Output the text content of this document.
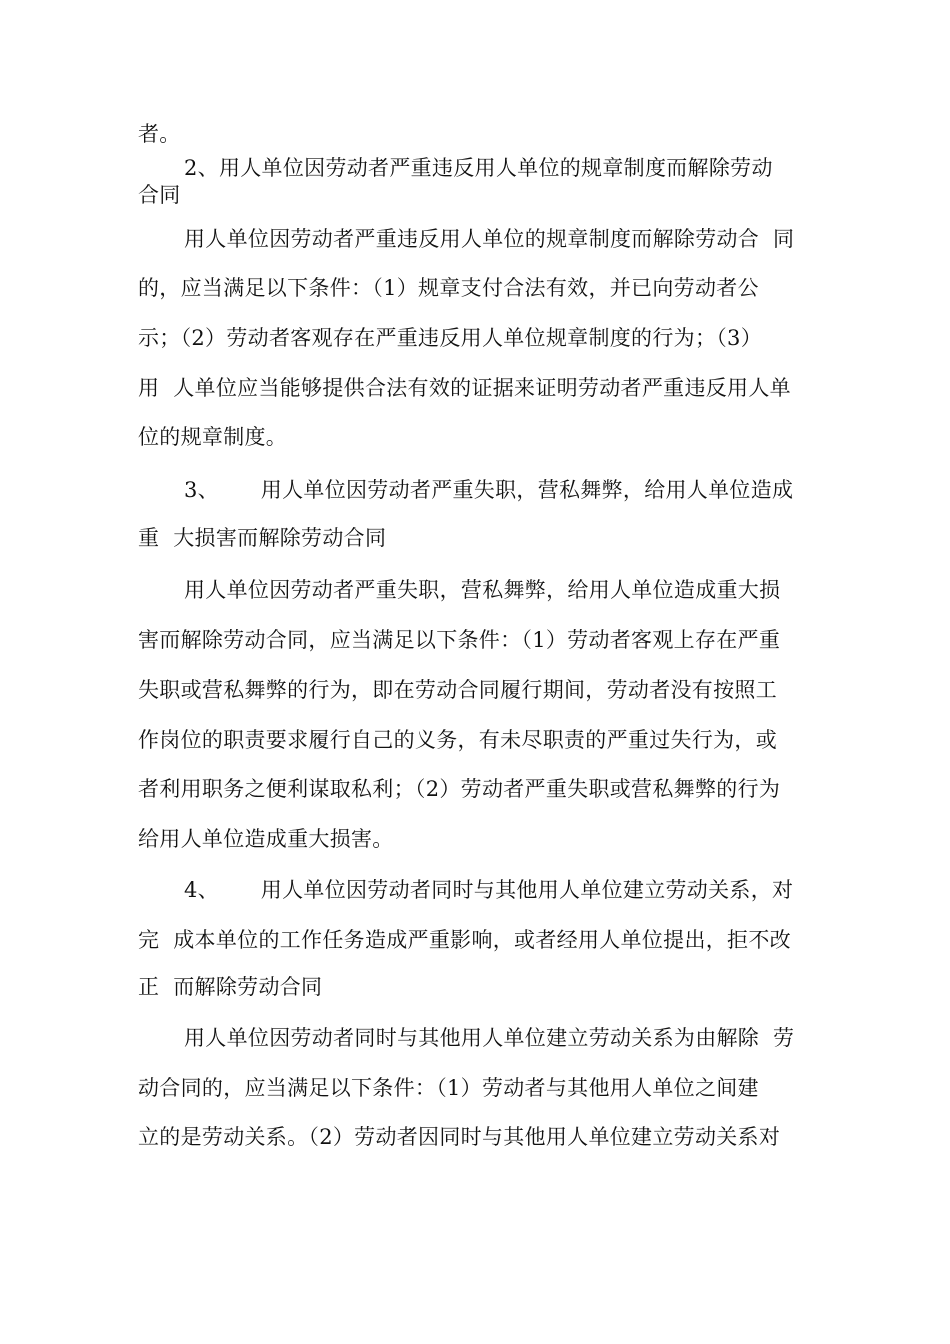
者。
2、用人单位因劳动者严重违反用人单位的规章制度而解除劳动
合同
用人单位因劳动者严重违反用人单位的规章制度而解除劳动合  同
的，应当满足以下条件：（1）规章支付合法有效，并已向劳动者公
示；（2）劳动者客观存在严重违反用人单位规章制度的行为；（3）
用  人单位应当能够提供合法有效的证据来证明劳动者严重违反用人单
位的规章制度。
3、      用人单位因劳动者严重失职，营私舞弊，给用人单位造成
重  大损害而解除劳动合同
用人单位因劳动者严重失职，营私舞弊，给用人单位造成重大损
害而解除劳动合同，应当满足以下条件：（1）劳动者客观上存在严重
失职或营私舞弊的行为，即在劳动合同履行期间，劳动者没有按照工
作岗位的职责要求履行自己的义务，有未尽职责的严重过失行为，或
者利用职务之便利谋取私利；（2）劳动者严重失职或营私舞弊的行为
给用人单位造成重大损害。
4、      用人单位因劳动者同时与其他用人单位建立劳动关系，对
完  成本单位的工作任务造成严重影响，或者经用人单位提出，拒不改
正  而解除劳动合同
用人单位因劳动者同时与其他用人单位建立劳动关系为由解除  劳
动合同的，应当满足以下条件：（1）劳动者与其他用人单位之间建
立的是劳动关系。（2）劳动者因同时与其他用人单位建立劳动关系对
